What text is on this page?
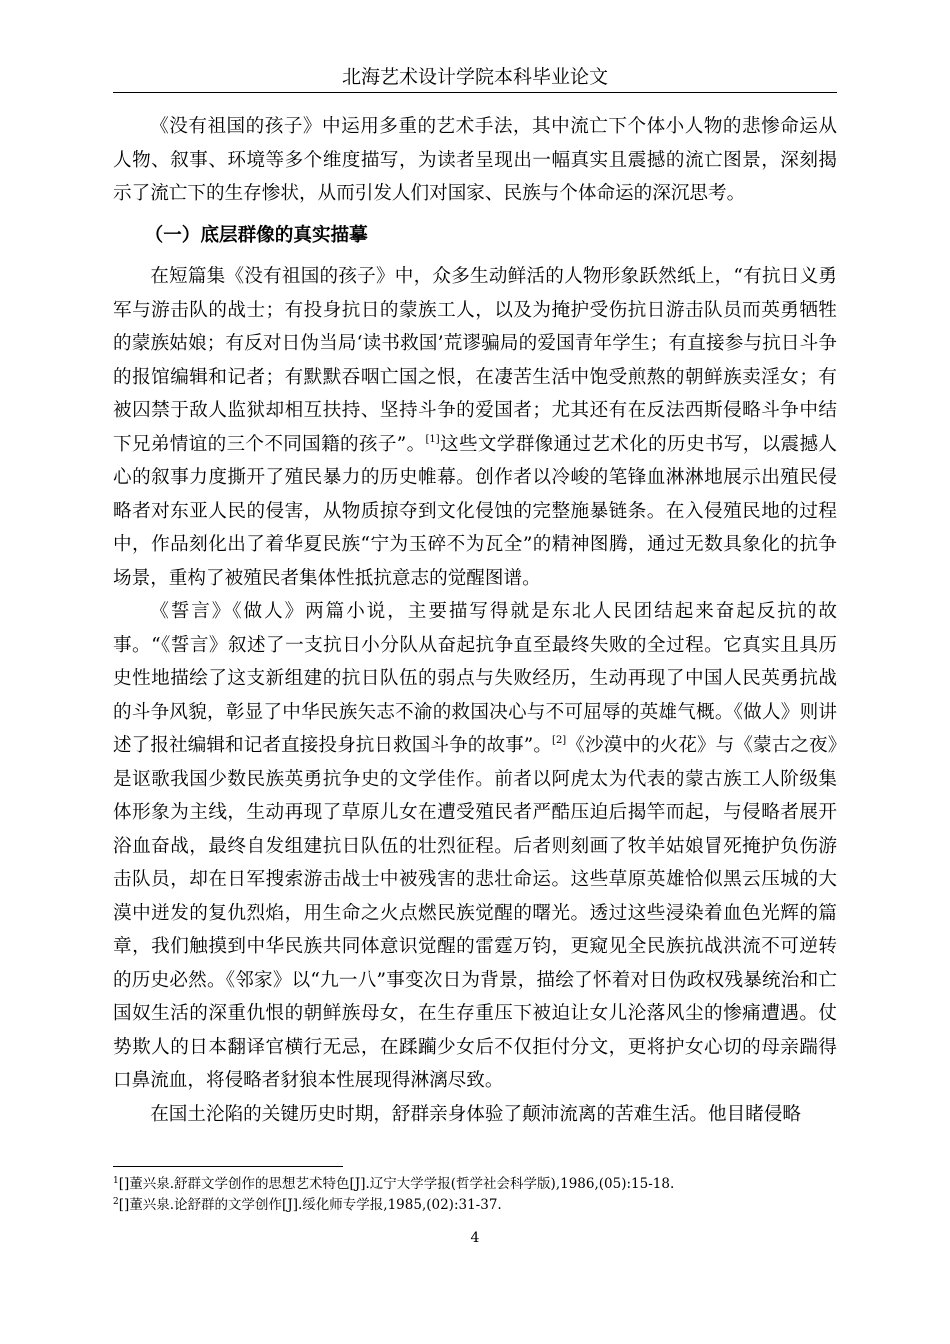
北海艺术设计学院本科毕业论文

《没有祖国的孩子》中运用多重的艺术手法，其中流亡下个体小人物的悲惨命运从人物、叙事、环境等多个维度描写，为读者呈现出一幅真实且震撼的流亡图景，深刻揭示了流亡下的生存惨状，从而引发人们对国家、民族与个体命运的深沉思考。

（一）底层群像的真实描摹

在短篇集《没有祖国的孩子》中，众多生动鲜活的人物形象跃然纸上，“有抗日义勇军与游击队的战士；有投身抗日的蒙族工人，以及为掩护受伤抗日游击队员而英勇牺牲的蒙族姑娘；有反对日伪当局‘读书救国’荒谬骗局的爱国青年学生；有直接参与抗日斗争的报馆编辑和记者；有默默吞咽亡国之恨，在凄苦生活中饱受煎熬的朝鲜族卖淫女；有被囚禁于敌人监狱却相互扶持、坚持斗争的爱国者；尤其还有在反法西斯侵略斗争中结下兄弟情谊的三个不同国籍的孩子”。[1]这些文学群像通过艺术化的历史书写，以震撼人心的叙事力度撕开了殖民暴力的历史帷幕。创作者以冷峻的笔锋血淋淋地展示出殖民侵略者对东亚人民的侵害，从物质掠夺到文化侵蚀的完整施暴链条。在入侵殖民地的过程中，作品刻化出了着华夏民族“宁为玉碎不为瓦全”的精神图腾，通过无数具象化的抗争场景，重构了被殖民者集体性抵抗意志的觉醒图谱。

《誓言》《做人》两篇小说，主要描写得就是东北人民团结起来奋起反抗的故事。“《誓言》叙述了一支抗日小分队从奋起抗争直至最终失败的全过程。它真实且具历史性地描绘了这支新组建的抗日队伍的弱点与失败经历，生动再现了中国人民英勇抗战的斗争风貌，彰显了中华民族矢志不渝的救国决心与不可屈辱的英雄气概。《做人》则讲述了报社编辑和记者直接投身抗日救国斗争的故事”。[2]《沙漠中的火花》与《蒙古之夜》是讴歌我国少数民族英勇抗争史的文学佳作。前者以阿虎太为代表的蒙古族工人阶级集体形象为主线，生动再现了草原儿女在遭受殖民者严酷压迫后揭竿而起，与侵略者展开浴血奋战，最终自发组建抗日队伍的壮烈征程。后者则刻画了牧羊姑娘冒死掩护负伤游击队员，却在日军搜索游击战士中被残害的悲壮命运。这些草原英雄恰似黑云压城的大漠中迸发的复仇烈焰，用生命之火点燃民族觉醒的曙光。透过这些浸染着血色光辉的篇章，我们触摸到中华民族共同体意识觉醒的雷霆万钧，更窥见全民族抗战洪流不可逆转的历史必然。《邻家》以“九一八”事变次日为背景，描绘了怀着对日伪政权残暴统治和亡国奴生活的深重仇恨的朝鲜族母女，在生存重压下被迫让女儿沦落风尘的惨痛遭遇。仗势欺人的日本翻译官横行无忌，在蹂躏少女后不仅拒付分文，更将护女心切的母亲踹得口鼻流血，将侵略者豺狼本性展现得淋漓尽致。

在国土沦陷的关键历史时期，舒群亲身体验了颠沛流离的苦难生活。他目睹侵略

$^1$[]董兴泉.舒群文学创作的思想艺术特色[J].辽宁大学学报(哲学社会科学版),1986,(05):15-18.

$^2$[]董兴泉.论舒群的文学创作[J].绥化师专学报,1985,(02):31-37.

4
